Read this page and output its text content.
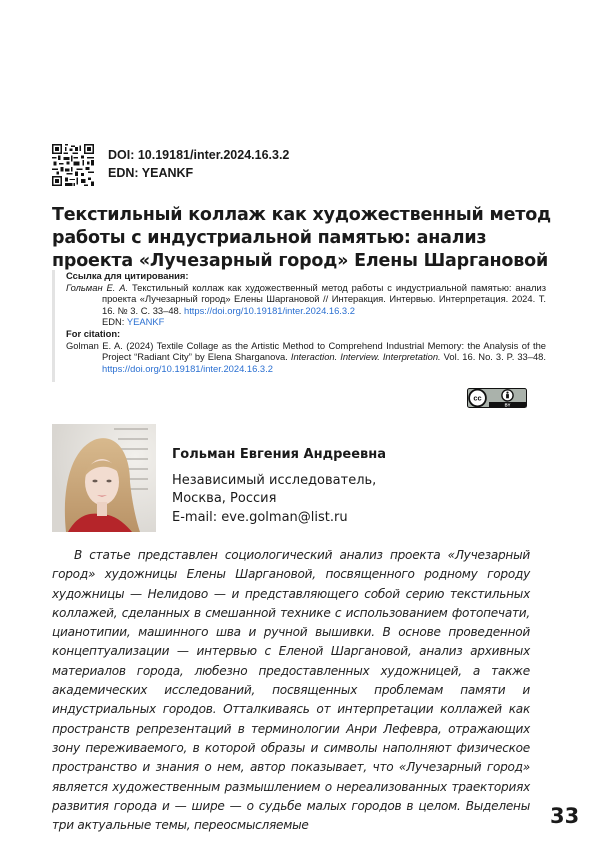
DOI: 10.19181/inter.2024.16.3.2
EDN: YEANKF
Текстильный коллаж как художественный метод работы с индустриальной памятью: анализ проекта «Лучезарный город» Елены Шаргановой
Ссылка для цитирования:
Гольман Е. А. Текстильный коллаж как художественный метод работы с индустриальной памятью: анализ проекта «Лучезарный город» Елены Шаргановой // Интеракция. Интервью. Интерпретация. 2024. Т. 16. № 3. С. 33–48. https://doi.org/10.19181/inter.2024.16.3.2
EDN: YEANKF
For citation:
Golman E. A. (2024) Textile Collage as the Artistic Method to Comprehend Industrial Memory: the Analysis of the Project “Radiant City” by Elena Sharganova. Interaction. Interview. Interpretation. Vol. 16. No. 3. P. 33–48. https://doi.org/10.19181/inter.2024.16.3.2
cc
BY
Гольман Евгения Андреевна
Независимый исследователь,
Москва, Россия
E-mail: eve.golman@list.ru

В статье представлен социологический анализ проекта «Лучезарный город» художницы Елены Шаргановой, посвященного родному городу художницы — Нелидово — и представляющего собой серию текстильных коллажей, сделанных в смешанной технике с использованием фотопечати, цианотипии, машинного шва и ручной вышивки. В основе проведенной концептуализации — интервью с Еленой Шаргановой, анализ архивных материалов города, любезно предоставленных художницей, а также академических исследований, посвященных проблемам памяти и индустриальных городов. Отталкиваясь от интерпретации коллажей как пространств репрезентаций в терминологии Анри Лефевра, отражающих зону переживаемого, в которой образы и символы наполняют физическое пространство и знания о нем, автор показывает, что «Лучезарный город» является художественным размышлением о нереализованных траекториях развития города и — шире — о судьбе малых городов в целом. Выделены три актуальные темы, переосмысляемые	33
